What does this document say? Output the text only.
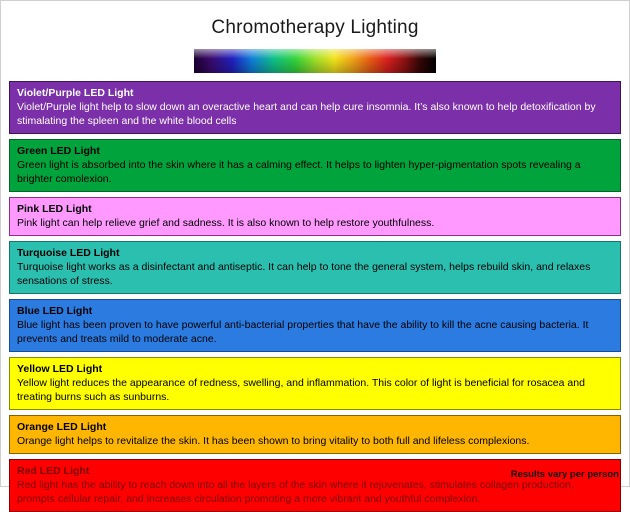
Chromotherapy Lighting
Violet/Purple LED Light
Violet/Purple light help to slow down an overactive heart and can help cure insomnia. It’s also known to help detoxification by stimalating the spleen and the white blood cells
Green LED Light
Green light is absorbed into the skin where it has a calming effect. It helps to lighten hyper-pigmentation spots revealing a brighter comolexion.
Pink LED Light
Pink light can help relieve grief and sadness. It is also known to help restore youthfulness.
Turquoise LED Light
Turquoise light works as a disinfectant and antiseptic. It can help to tone the general system, helps rebuild skin, and relaxes sensations of stress.
Blue LED Light
Blue light has been proven to have powerful anti-bacterial properties that have the ability to kill the acne causing bacteria. It prevents and treats mild to moderate acne.
Yellow LED Light
Yellow light reduces the appearance of redness, swelling, and inflammation. This color of light is beneficial for rosacea and treating burns such as sunburns.
Orange LED Light
Orange light helps to revitalize the skin. It has been shown to bring vitality to both full and lifeless complexions.
Red LED Light
Red light has the ability to reach down into all the layers of the skin where it rejuvenates, stimulates collagen production, prompts cellular repair, and increases circulation promoting a more vibrant and youthful complexion.
Results vary per person
